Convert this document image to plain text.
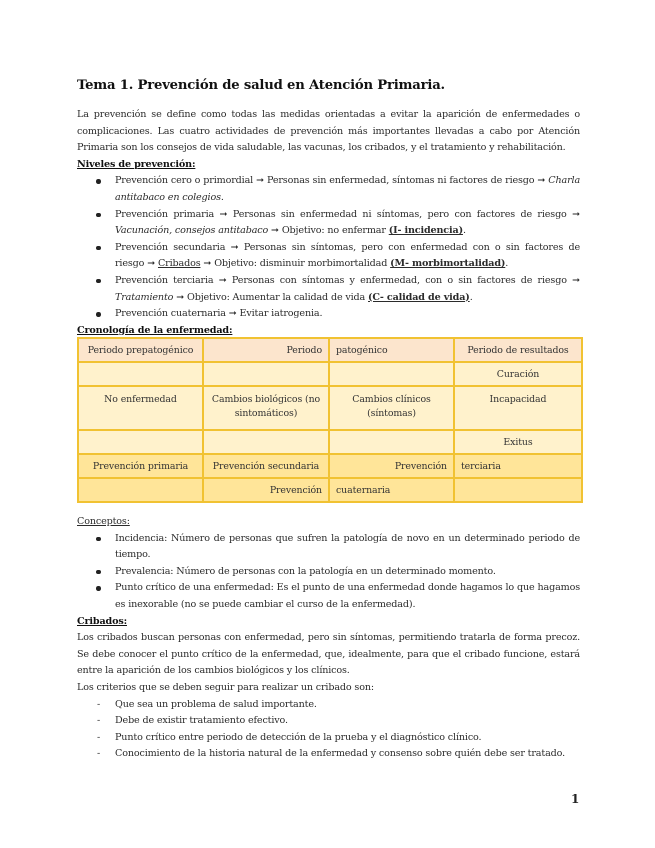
Tema 1. Prevención de salud en Atención Primaria.
La prevención se define como todas las medidas orientadas a evitar la aparición de enfermedades o complicaciones. Las cuatro actividades de prevención más importantes llevadas a cabo por Atención Primaria son los consejos de vida saludable, las vacunas, los cribados, y el tratamiento y rehabilitación.
Niveles de prevención:
Prevención cero o primordial ➞ Personas sin enfermedad, síntomas ni factores de riesgo ➞ Charla antitabaco en colegios.
Prevención primaria ➞ Personas sin enfermedad ni síntomas, pero con factores de riesgo ➞ Vacunación, consejos antitabaco ➞ Objetivo: no enfermar (I- incidencia).
Prevención secundaria ➞ Personas sin síntomas, pero con enfermedad con o sin factores de riesgo ➞ Cribados ➞ Objetivo: disminuir morbimortalidad (M- morbimortalidad).
Prevención terciaria ➞ Personas con síntomas y enfermedad, con o sin factores de riesgo ➞ Tratamiento ➞ Objetivo: Aumentar la calidad de vida (C- calidad de vida).
Prevención cuaternaria ➞ Evitar iatrogenia.
Cronología de la enfermedad:
Periodo prepatogénico	Periodo	patogénico	Periodo de resultados
			Curación
No enfermedad	Cambios biológicos (no sintomáticos)	Cambios clínicos (síntomas)	Incapacidad
			Exitus
Prevención primaria	Prevención secundaria	Prevención	terciaria
	Prevención	cuaternaria	
Conceptos:
Incidencia: Número de personas que sufren la patología de novo en un determinado periodo de tiempo.
Prevalencia: Número de personas con la patología en un determinado momento.
Punto crítico de una enfermedad: Es el punto de una enfermedad donde hagamos lo que hagamos es inexorable (no se puede cambiar el curso de la enfermedad).
Cribados:
Los cribados buscan personas con enfermedad, pero sin síntomas, permitiendo tratarla de forma precoz. Se debe conocer el punto crítico de la enfermedad, que, idealmente, para que el cribado funcione, estará entre la aparición de los cambios biológicos y los clínicos.
Los criterios que se deben seguir para realizar un cribado son:
- Que sea un problema de salud importante.
- Debe de existir tratamiento efectivo.
- Punto crítico entre periodo de detección de la prueba y el diagnóstico clínico.
- Conocimiento de la historia natural de la enfermedad y consenso sobre quién debe ser tratado.
1
